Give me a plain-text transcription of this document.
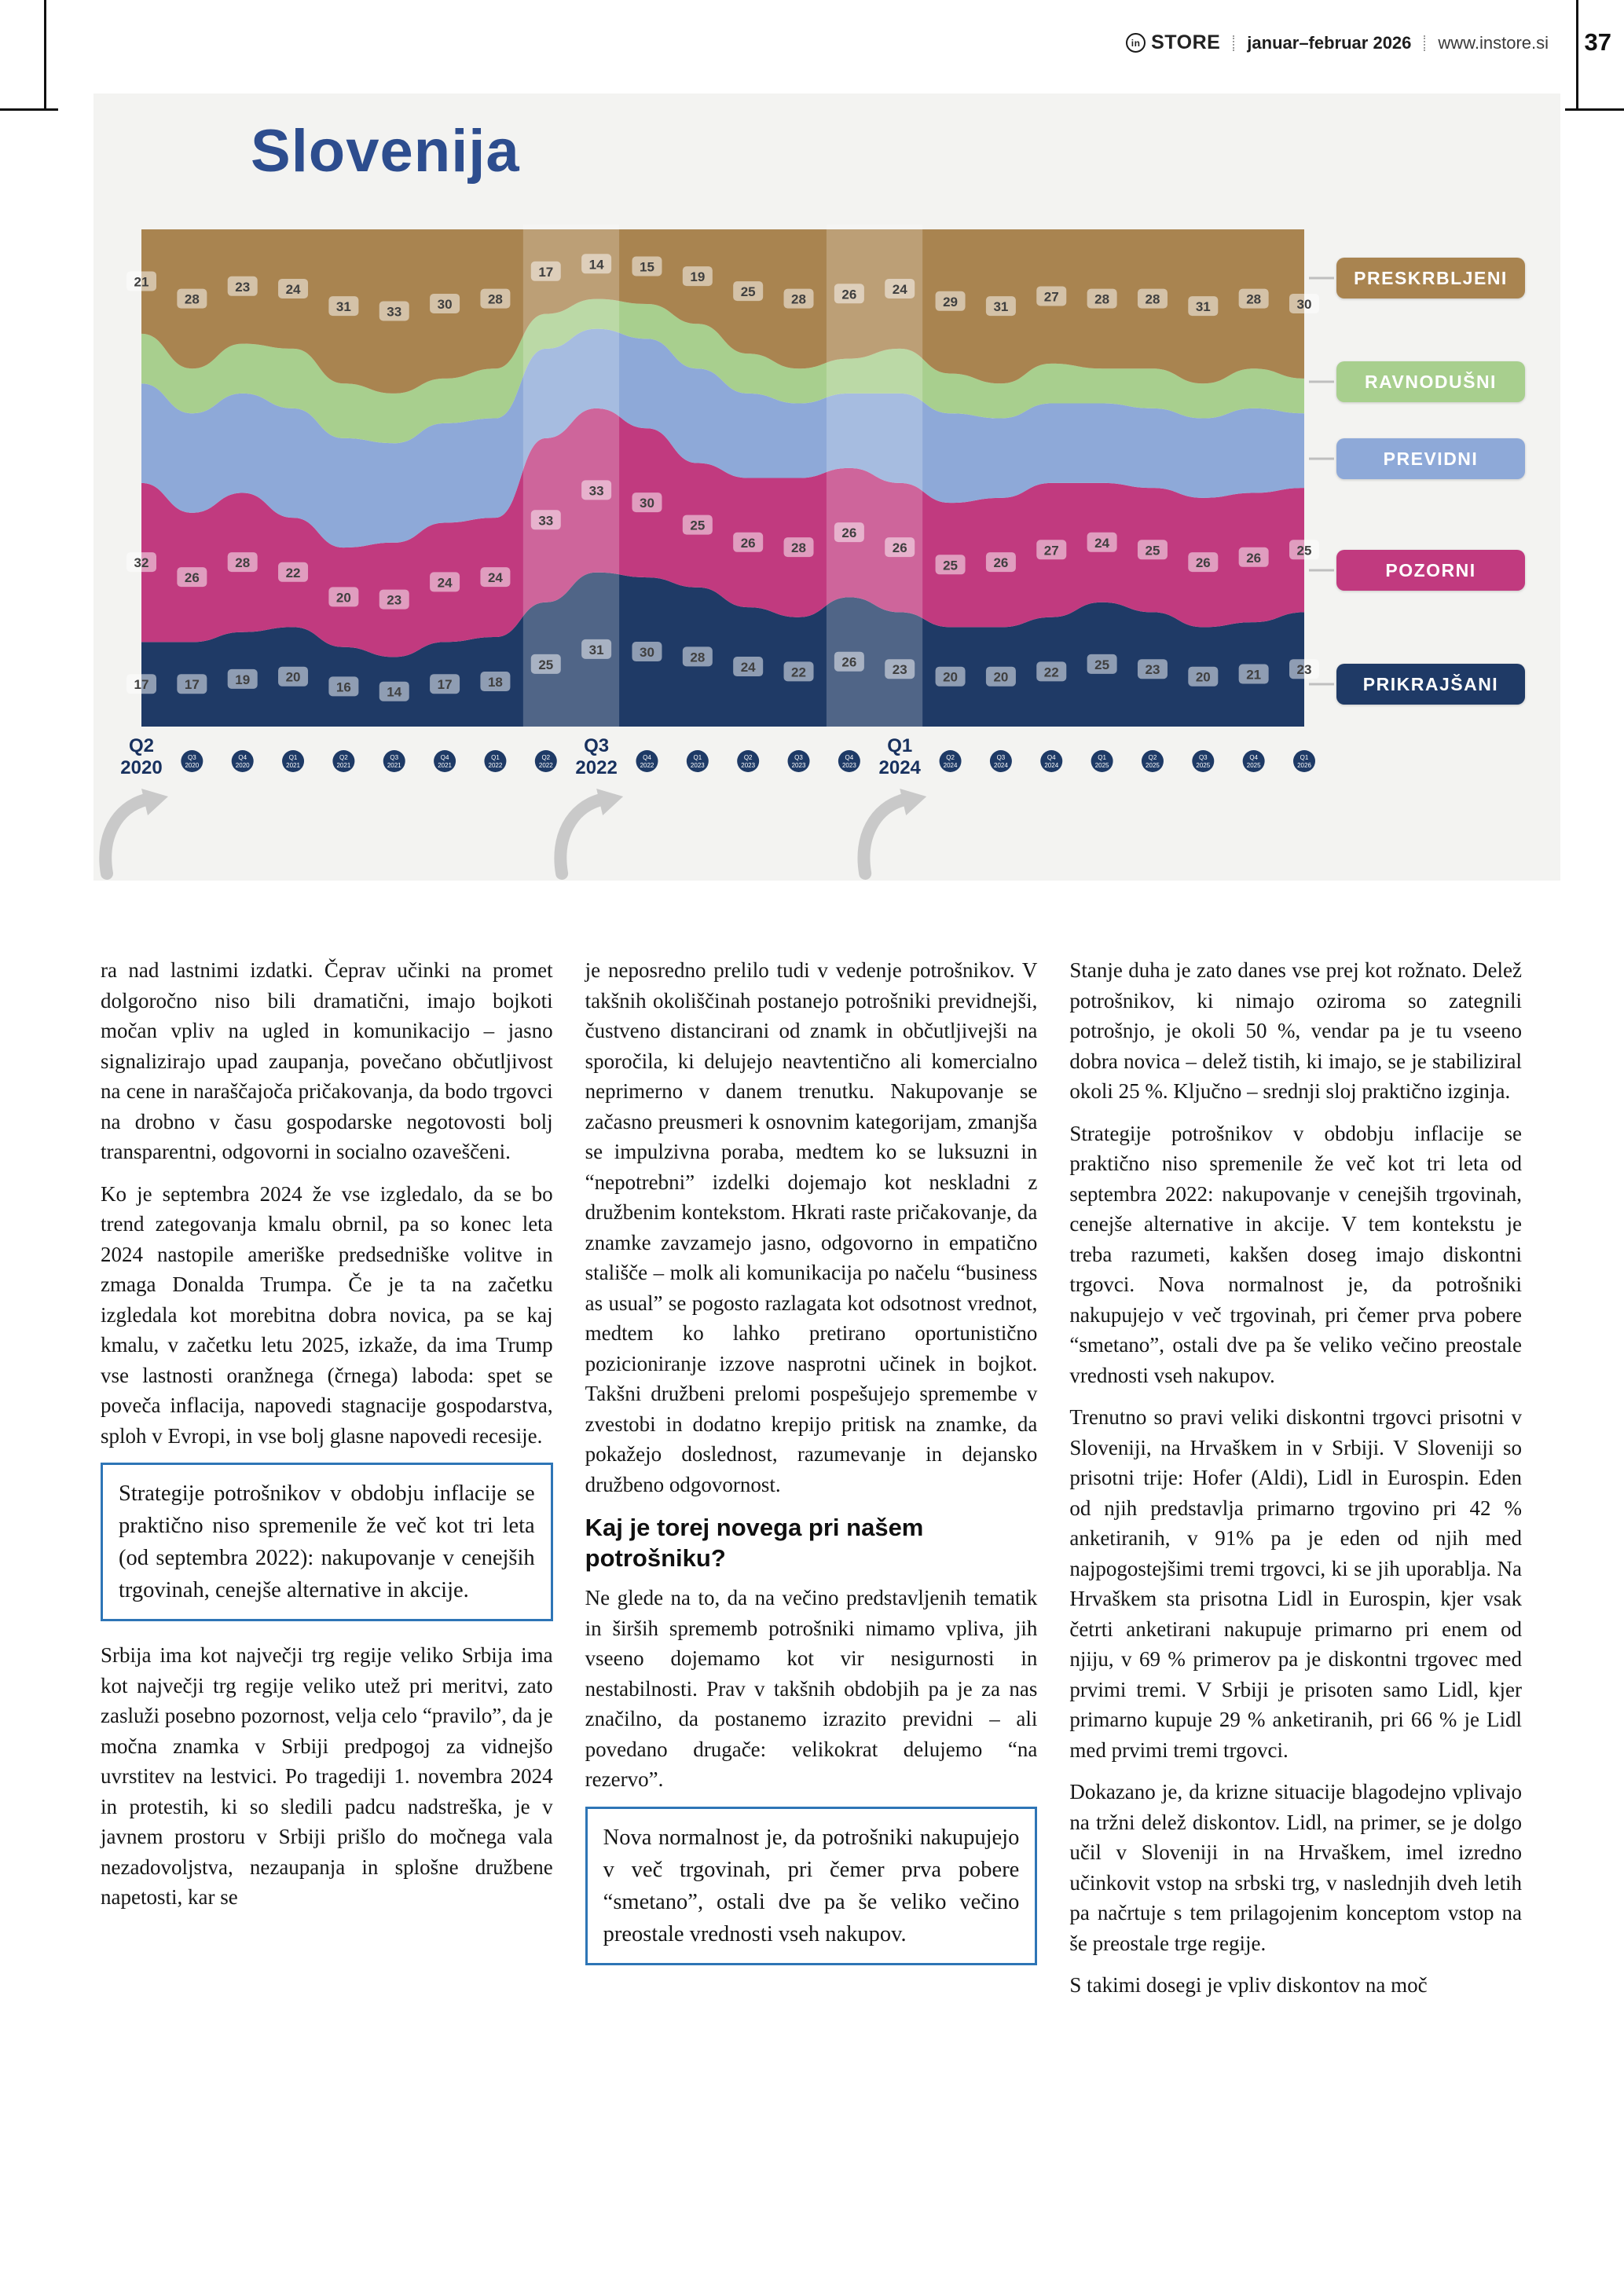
in STORE januar–februar 2026 www.instore.si 37
Slovenija
17	17	19	20
16	14	17	18
25
31	30	28
24	22
26	23	20	20	22	25	23	20	21	23
32
26
28
22
20	23
24	24
33
33
30
25
26	28
26
26
25	26
27	24	25
26	26	25
21
28
23	24
31	33	30	28
17	14	15
19
25	28	26	24
29	31
27	28	28	31	28	30
Q2
2020	Q3
2020
Q4
2020
Q1
2021
Q2
2021
Q3
2021
Q4
2021
Q1
2022
Q2
2022
Q3
2022	Q4
2022
Q1
2023
Q2
2023
Q3
2023
Q4
2023
Q1
2024	Q2
2024
Q3
2024
Q4
2024
Q1
2025
Q2
2025
Q3
2025
Q4
2025
Q1
2026
PRESKRBLJENI
RAVNODUŠNI
PREVIDNI
POZORNI
PRIKRAJŠANI

ra nad lastnimi izdatki. Čeprav učinki na promet dolgoročno niso bili dramatični, imajo bojkoti močan vpliv na ugled in komunikacijo – jasno signalizirajo upad zaupanja, povečano občutljivost na cene in naraščajoča pričakovanja, da bodo trgovci na drobno v času gospodarske negotovosti bolj transparentni, odgovorni in socialno ozaveščeni.

Ko je septembra 2024 že vse izgledalo, da se bo trend zategovanja kmalu obrnil, pa so konec leta 2024 nastopile ameriške predsedniške volitve in zmaga Donalda Trumpa. Če je ta na začetku izgledala kot morebitna dobra novica, pa se kaj kmalu, v začetku letu 2025, izkaže, da ima Trump vse lastnosti oranžnega (črnega) laboda: spet se poveča inflacija, napovedi stagnacije gospodarstva, sploh v Evropi, in vse bolj glasne napovedi recesije.

Strategije potrošnikov v obdobju inflacije se praktično niso spremenile že več kot tri leta (od septembra 2022): nakupovanje v cenejših trgovinah, cenejše alternative in akcije.

Srbija ima kot največji trg regije veliko Srbija ima kot največji trg regije veliko utež pri meritvi, zato zasluži posebno pozornost, velja celo “pravilo”, da je močna znamka v Srbiji predpogoj za vidnejšo uvrstitev na lestvici. Po tragediji 1. novembra 2024 in protestih, ki so sledili padcu nadstreška, je v javnem prostoru v Srbiji prišlo do močnega vala nezadovoljstva, nezaupanja in splošne družbene napetosti, kar se

je neposredno prelilo tudi v vedenje potrošnikov. V takšnih okoliščinah postanejo potrošniki previdnejši, čustveno distancirani od znamk in občutljivejši na sporočila, ki delujejo neavtentično ali komercialno neprimerno v danem trenutku. Nakupovanje se začasno preusmeri k osnovnim kategorijam, zmanjša se impulzivna poraba, medtem ko se luksuzni in “nepotrebni” izdelki dojemajo kot neskladni z družbenim kontekstom. Hkrati raste pričakovanje, da znamke zavzamejo jasno, odgovorno in empatično stališče – molk ali komunikacija po načelu “business as usual” se pogosto razlagata kot odsotnost vrednot, medtem ko lahko pretirano oportunistično pozicioniranje izzove nasprotni učinek in bojkot. Takšni družbeni prelomi pospešujejo spremembe v zvestobi in dodatno krepijo pritisk na znamke, da pokažejo doslednost, razumevanje in dejansko družbeno odgovornost.

Kaj je torej novega pri našem potrošniku?

Ne glede na to, da na večino predstavljenih tematik in širših sprememb potrošniki nimamo vpliva, jih vseeno dojemamo kot vir nesigurnosti in nestabilnosti. Prav v takšnih obdobjih pa je za nas značilno, da postanemo izrazito previdni – ali povedano drugače: velikokrat delujemo “na rezervo”.

Nova normalnost je, da potrošniki nakupujejo v več trgovinah, pri čemer prva pobere “smetano”, ostali dve pa še veliko večino preostale vrednosti vseh nakupov.

Stanje duha je zato danes vse prej kot rožnato. Delež potrošnikov, ki nimajo oziroma so zategnili potrošnjo, je okoli 50 %, vendar pa je tu vseeno dobra novica – delež tistih, ki imajo, se je stabiliziral okoli 25 %. Ključno – srednji sloj praktično izginja.

Strategije potrošnikov v obdobju inflacije se praktično niso spremenile že več kot tri leta od septembra 2022: nakupovanje v cenejših trgovinah, cenejše alternative in akcije. V tem kontekstu je treba razumeti, kakšen doseg imajo diskontni trgovci. Nova normalnost je, da potrošniki nakupujejo v več trgovinah, pri čemer prva pobere “smetano”, ostali dve pa še veliko večino preostale vrednosti vseh nakupov.

Trenutno so pravi veliki diskontni trgovci prisotni v Sloveniji, na Hrvaškem in v Srbiji. V Sloveniji so prisotni trije: Hofer (Aldi), Lidl in Eurospin. Eden od njih predstavlja primarno trgovino pri 42 % anketiranih, v 91% pa je eden od njih med najpogostejšimi tremi trgovci, ki se jih uporablja. Na Hrvaškem sta prisotna Lidl in Eurospin, kjer vsak četrti anketirani nakupuje primarno pri enem od njiju, v 69 % primerov pa je diskontni trgovec med prvimi tremi. V Srbiji je prisoten samo Lidl, kjer primarno kupuje 29 % anketiranih, pri 66 % je Lidl med prvimi tremi trgovci.

Dokazano je, da krizne situacije blagodejno vplivajo na tržni delež diskontov. Lidl, na primer, se je dolgo učil v Sloveniji in na Hrvaškem, imel izredno učinkovit vstop na srbski trg, v naslednjih dveh letih pa načrtuje s tem prilagojenim konceptom vstop na še preostale trge regije.

S takimi dosegi je vpliv diskontov na moč
